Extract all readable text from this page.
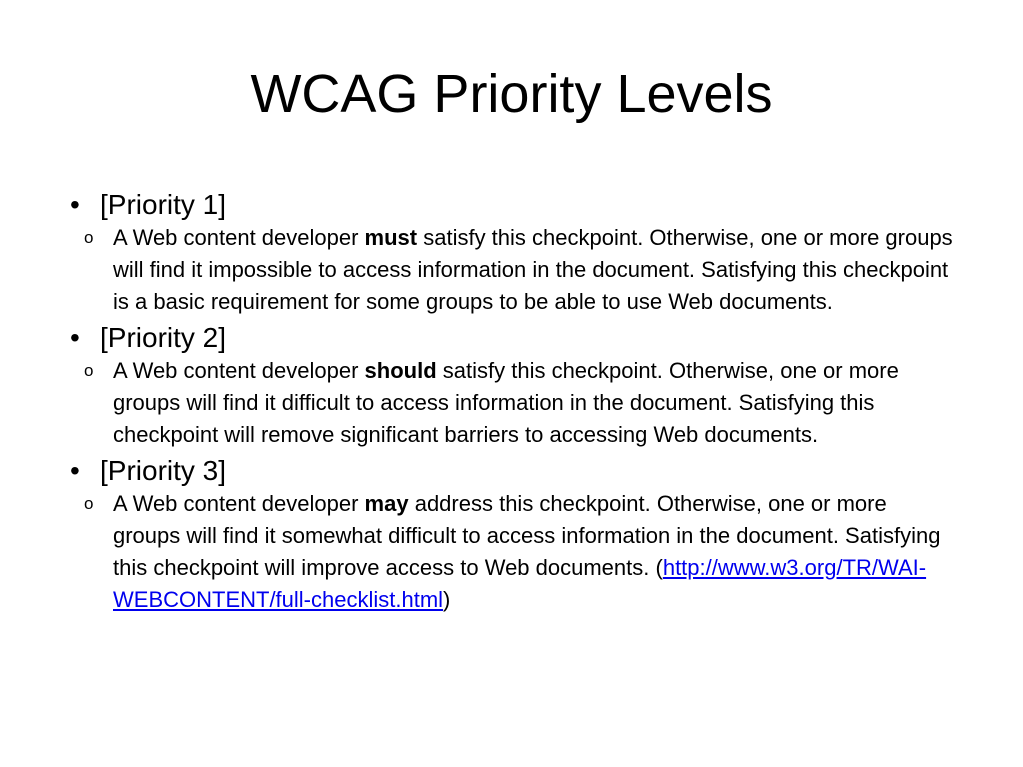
WCAG Priority Levels
• [Priority 1]
o A Web content developer must satisfy this checkpoint. Otherwise, one or more groups will find it impossible to access information in the document. Satisfying this checkpoint is a basic requirement for some groups to be able to use Web documents.
• [Priority 2]
o A Web content developer should satisfy this checkpoint. Otherwise, one or more groups will find it difficult to access information in the document. Satisfying this checkpoint will remove significant barriers to accessing Web documents.
• [Priority 3]
o A Web content developer may address this checkpoint. Otherwise, one or more groups will find it somewhat difficult to access information in the document. Satisfying this checkpoint will improve access to Web documents. (http://www.w3.org/TR/WAI-WEBCONTENT/full-checklist.html)
